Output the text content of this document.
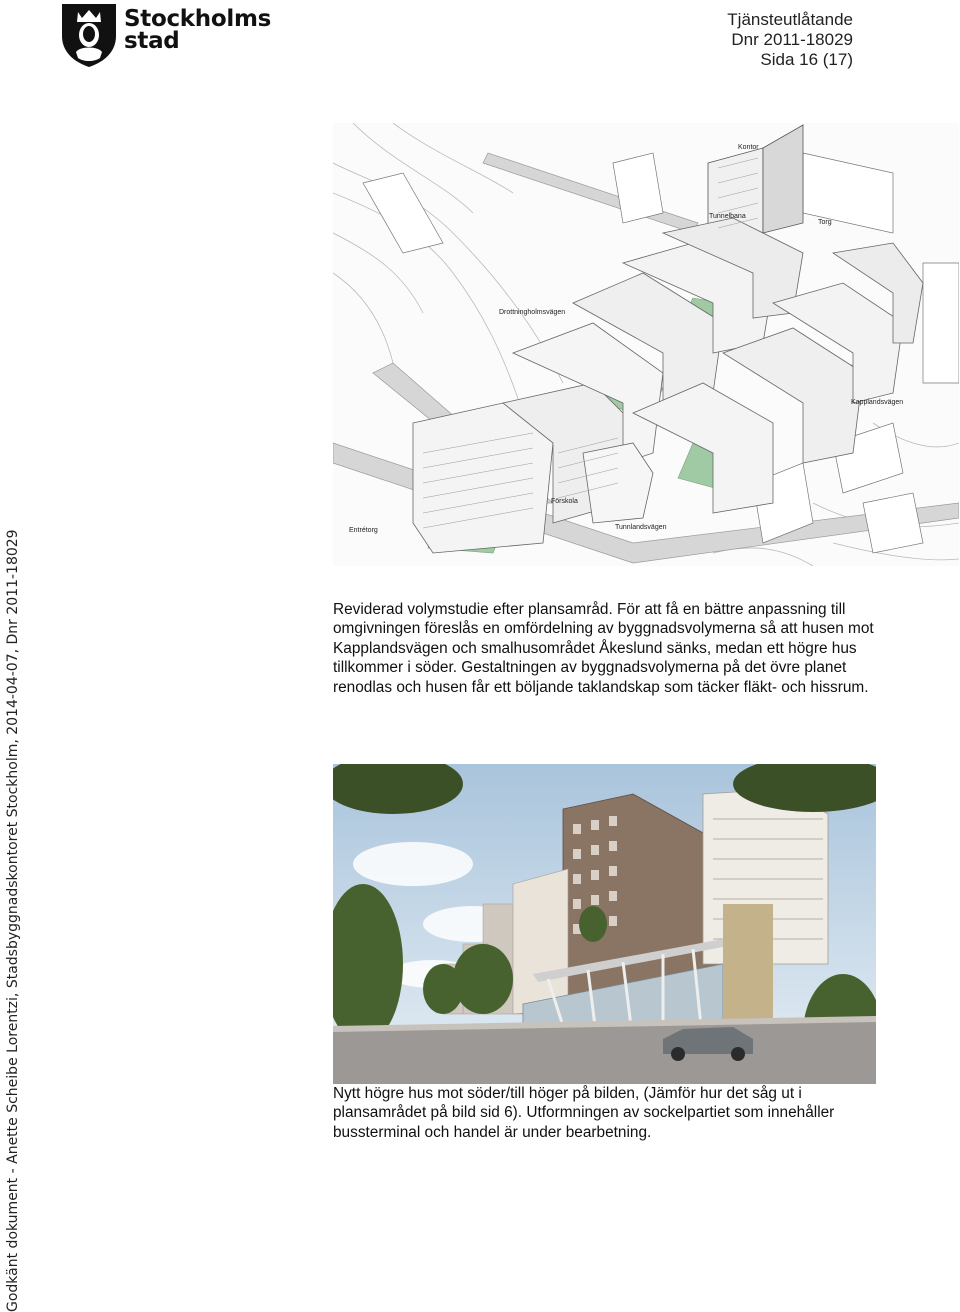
Stockholms
stad
Tjänsteutlåtande
Dnr 2011-18029
Sida 16 (17)
Godkänt dokument - Anette Scheibe Lorentzi, Stadsbyggnadskontoret Stockholm, 2014-04-07, Dnr 2011-18029
Kontor
Tunnelbana
Torg
Drottningholmsvägen
Kapplandsvägen
Förskola
Entrétorg	Tunnlandsvägen

Reviderad volymstudie efter plansamråd. För att få en bättre anpassning till

omgivningen föreslås en omfördelning av byggnadsvolymerna så att husen mot

Kapplandsvägen och smalhusområdet Åkeslund sänks, medan ett högre hus

tillkommer i söder. Gestaltningen av byggnadsvolymerna på det övre planet

renodlas och husen får ett böljande taklandskap som täcker fläkt- och hissrum.

Nytt högre hus mot söder/till höger på bilden, (Jämför hur det såg ut i

plansamrådet på bild sid 6). Utformningen av sockelpartiet som innehåller

bussterminal och handel är under bearbetning.
